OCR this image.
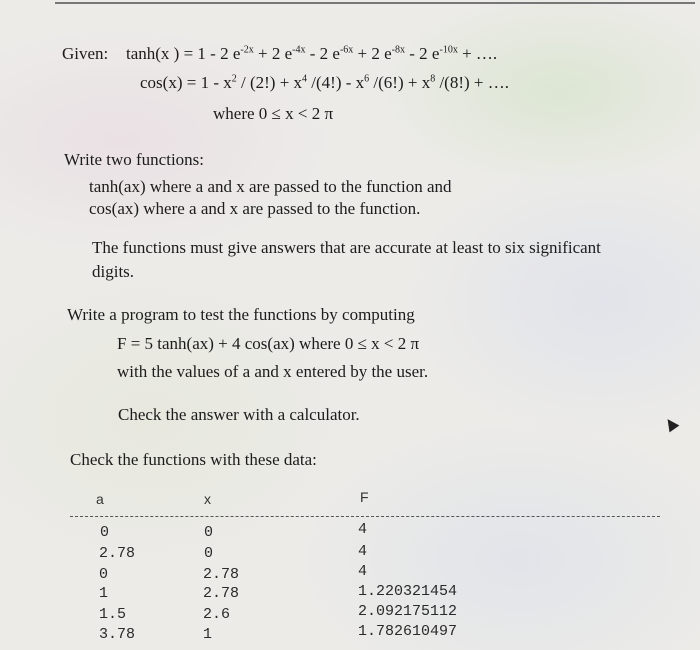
Given: tanh(x ) = 1 - 2 $e^{-2x} + 2$ $e^{-4x} - 2$ $e^{-6x} + 2$ $e^{-8x} - 2$ $e^{-10x}$ + ….
$\cos(x) = 1 - x^2 / (2!) + x^4$ $/(4!) - x^6$ $/(6!) + x^8$ /(8!) + ….
where 0 ≤ x < 2 π
Write two functions:
tanh(ax) where a and x are passed to the function and
cos(ax) where a and x are passed to the function.
The functions must give answers that are accurate at least to six significant
digits.
Write a program to test the functions by computing
F = 5 tanh(ax) + 4 cos(ax) where 0 ≤ x < 2 π
with the values of a and x entered by the user.
Check the answer with a calculator.
Check the functions with these data:
a	x	F
0	0	4
2.78	0	4
0	2.78	4
1	2.78	1.220321454
1.5	2.6	2.092175112
3.78	1	1.782610497
